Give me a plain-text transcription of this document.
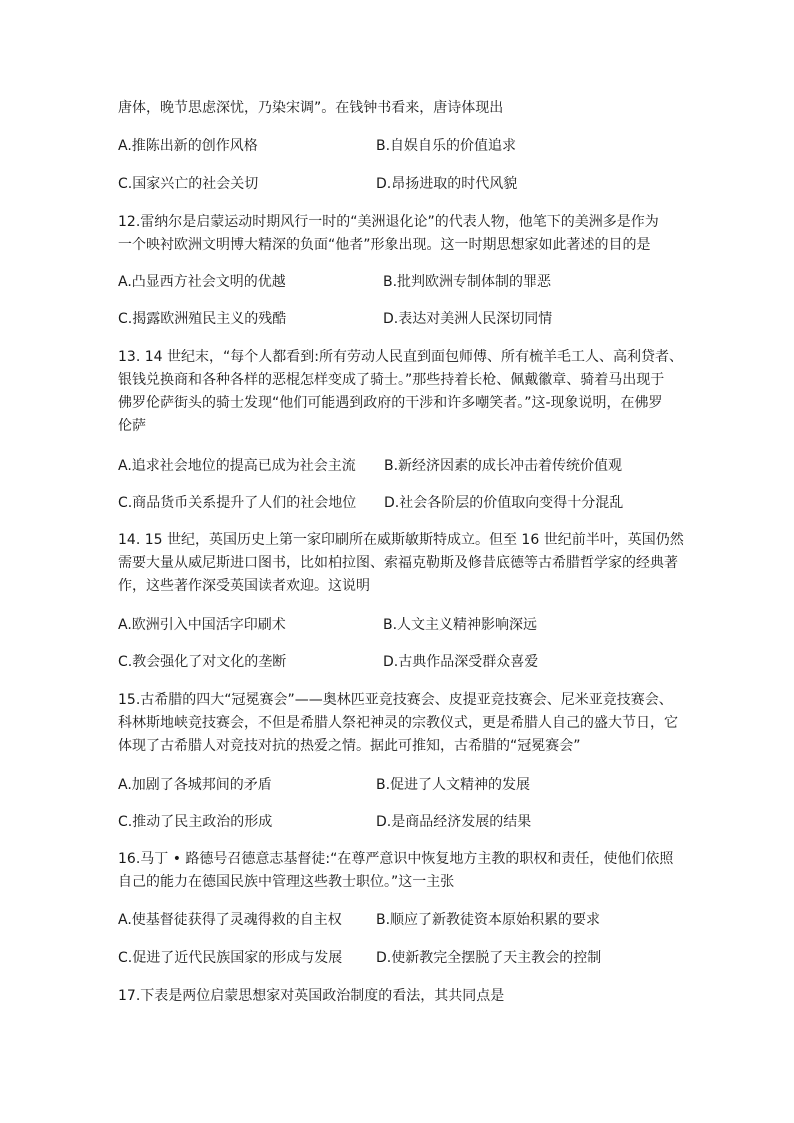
唐体，晚节思虑深忧，乃染宋调”。在钱钟书看来，唐诗体现出
A.推陈出新的创作风格	B.自娱自乐的价值追求
C.国家兴亡的社会关切	D.昂扬进取的时代风貌
12.雷纳尔是启蒙运动时期风行一时的“美洲退化论”的代表人物，他笔下的美洲多是作为
一个映衬欧洲文明博大精深的负面“他者”形象出现。这一时期思想家如此著述的目的是
A.凸显西方社会文明的优越	B.批判欧洲专制体制的罪恶
C.揭露欧洲殖民主义的残酷	D.表达对美洲人民深切同情
13. 14 世纪末，“每个人都看到:所有劳动人民直到面包师傅、所有梳羊毛工人、高利贷者、
银钱兑换商和各种各样的恶棍怎样变成了骑士。”那些持着长枪、佩戴徽章、骑着马出现于
佛罗伦萨街头的骑士发现“他们可能遇到政府的干涉和许多嘲笑者。”这-现象说明，在佛罗
伦萨
A.追求社会地位的提高已成为社会主流 B.新经济因素的成长冲击着传统价值观
C.商品货币关系提升了人们的社会地位 D.社会各阶层的价值取向变得十分混乱
14. 15 世纪，英国历史上第一家印刷所在威斯敏斯特成立。但至 16 世纪前半叶，英国仍然
需要大量从威尼斯进口图书，比如柏拉图、索福克勒斯及修昔底德等古希腊哲学家的经典著
作，这些著作深受英国读者欢迎。这说明
A.欧洲引入中国活字印刷术	B.人文主义精神影响深远
C.教会强化了对文化的垄断	D.古典作品深受群众喜爱
15.古希腊的四大“冠冕赛会”——奥林匹亚竞技赛会、皮提亚竞技赛会、尼米亚竞技赛会、
科林斯地峡竞技赛会，不但是希腊人祭祀神灵的宗教仪式，更是希腊人自己的盛大节日，它
体现了古希腊人对竞技对抗的热爱之情。据此可推知，古希腊的“冠冕赛会”
A.加剧了各城邦间的矛盾	B.促进了人文精神的发展
C.推动了民主政治的形成	D.是商品经济发展的结果
16.马丁 • 路德号召德意志基督徒:“在尊严意识中恢复地方主教的职权和责任，使他们依照
自己的能力在德国民族中管理这些教士职位。”这一主张
A.使基督徒获得了灵魂得救的自主权 B.顺应了新教徒资本原始积累的要求
C.促进了近代民族国家的形成与发展 D.使新教完全摆脱了天主教会的控制
17.下表是两位启蒙思想家对英国政治制度的看法，其共同点是
